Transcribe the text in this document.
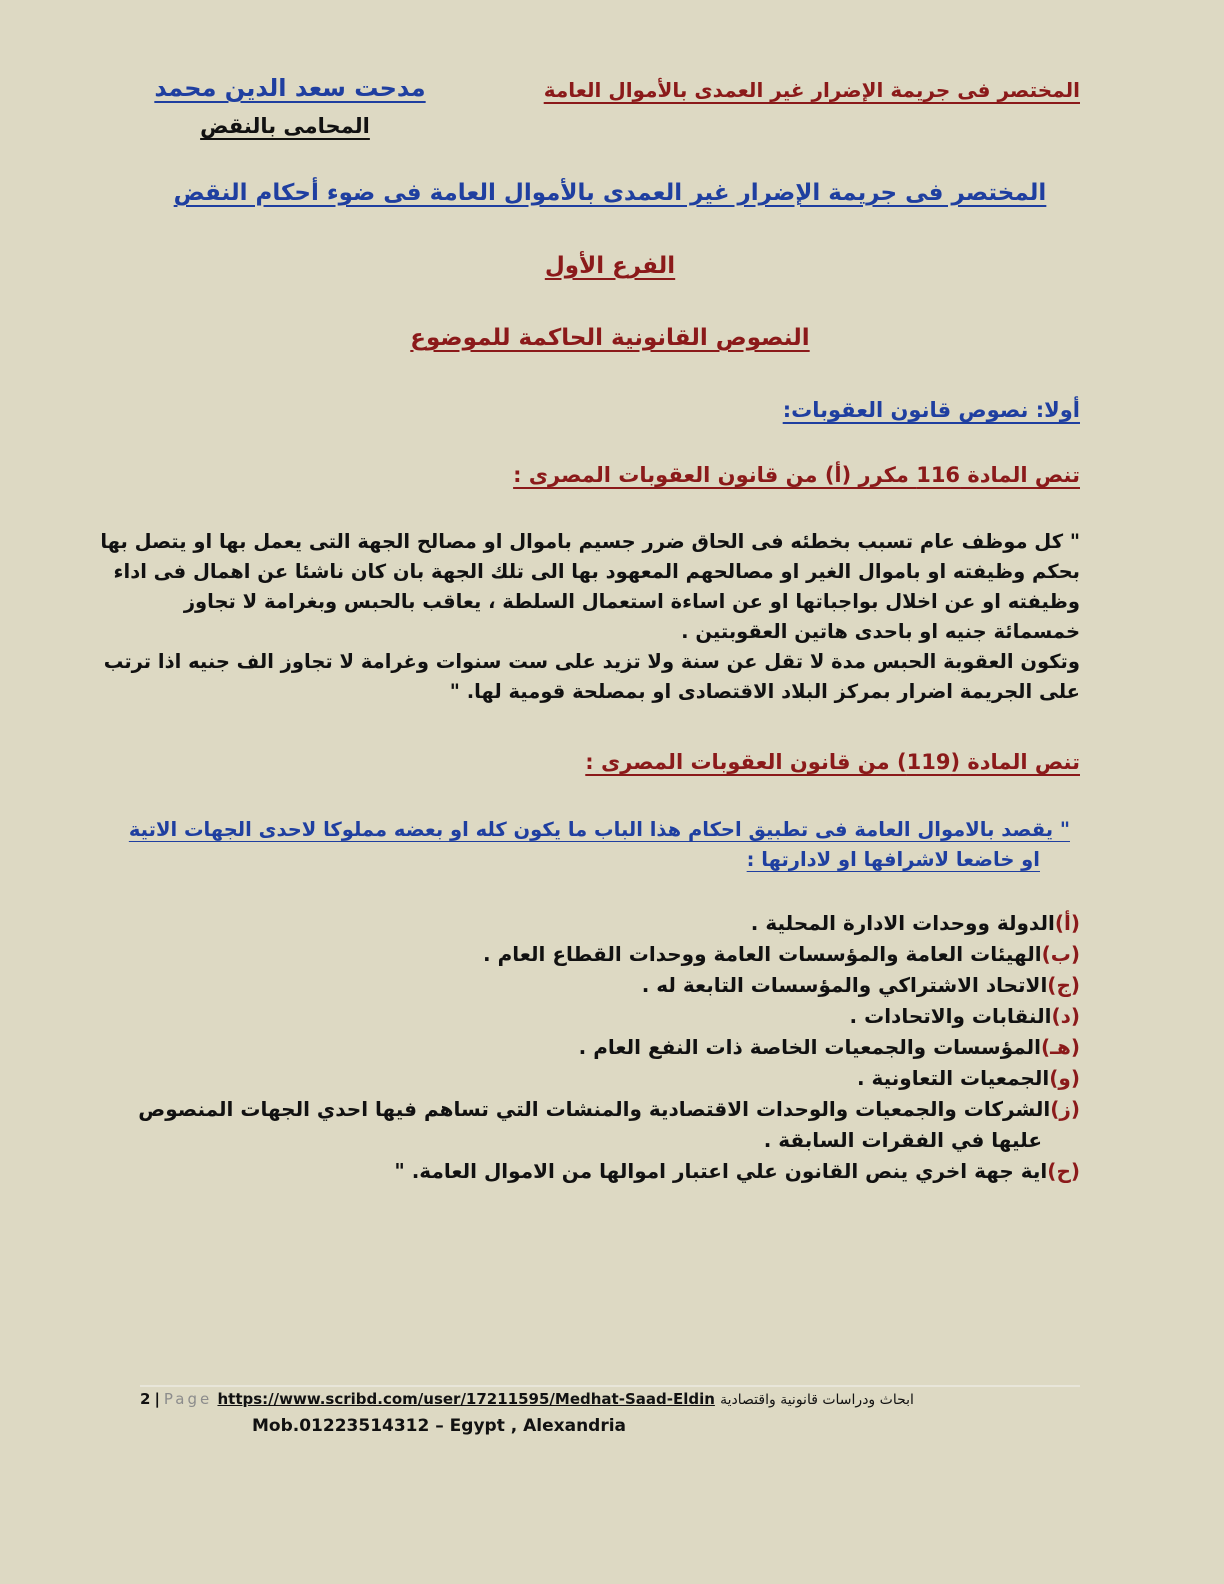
المختصر فى جريمة الإضرار غير العمدى بالأموال العامة
مدحت سعد الدين محمد
المحامى بالنقض
المختصر فى جريمة الإضرار غير العمدى بالأموال العامة فى ضوء أحكام النقض
الفرع الأول
النصوص القانونية الحاكمة للموضوع
أولا: نصوص قانون العقوبات:
تنص المادة 116 مكرر (أ) من قانون العقوبات المصرى :
" كل موظف عام تسبب بخطئه فى الحاق ضرر جسيم باموال او مصالح الجهة التى يعمل بها او يتصل بها
بحكم وظيفته او باموال الغير او مصالحهم المعهود بها الى تلك الجهة بان كان ناشئا عن اهمال فى اداء
وظيفته او عن اخلال بواجباتها او عن اساءة استعمال السلطة ، يعاقب بالحبس وبغرامة لا تجاوز
خمسمائة جنيه او باحدى هاتين العقوبتين .
وتكون العقوبة الحبس مدة لا تقل عن سنة ولا تزيد على ست سنوات وغرامة لا تجاوز الف جنيه اذا ترتب
على الجريمة اضرار بمركز البلاد الاقتصادى او بمصلحة قومية لها. "
تنص المادة (119) من قانون العقوبات المصرى :
" يقصد بالاموال العامة فى تطبيق احكام هذا الباب ما يكون كله او بعضه مملوكا لاحدى الجهات الاتية
او خاضعا لاشرافها او لادارتها :
(أ)
الدولة ووحدات الادارة المحلية .
(ب)
الهيئات العامة والمؤسسات العامة ووحدات القطاع العام .
(ج)
الاتحاد الاشتراكي والمؤسسات التابعة له .
(د)
النقابات والاتحادات .
(هـ)
المؤسسات والجمعيات الخاصة ذات النفع العام .
(و)
الجمعيات التعاونية .
(ز)
الشركات والجمعيات والوحدات الاقتصادية والمنشات التي تساهم فيها احدي الجهات المنصوص
عليها في الفقرات السابقة .
(ح)
اية جهة اخري ينص القانون علي اعتبار اموالها من الاموال العامة. "
2 | Page https://www.scribd.com/user/17211595/Medhat-Saad-Eldin ابحاث ودراسات قانونية واقتصادية
Mob.01223514312 – Egypt , Alexandria
